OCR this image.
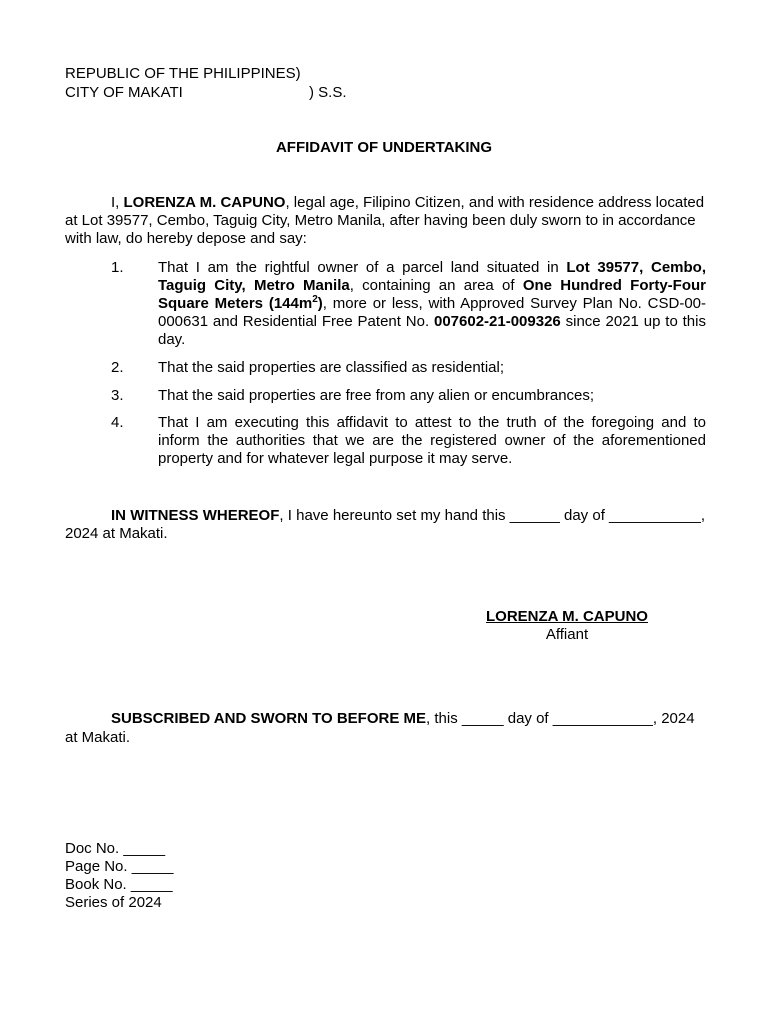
REPUBLIC OF THE PHILIPPINES)
CITY OF MAKATI	) S.S.
AFFIDAVIT OF UNDERTAKING

I, LORENZA M. CAPUNO, legal age, Filipino Citizen, and with residence address located at Lot 39577, Cembo, Taguig City, Metro Manila, after having been duly sworn to in accordance with law, do hereby depose and say:

1.	That I am the rightful owner of a parcel land situated in Lot 39577, Cembo, Taguig City, Metro Manila, containing an area of One Hundred Forty-Four Square Meters $(144m^2)$, more or less, with Approved Survey Plan No. CSD-00-000631 and Residential Free Patent No. 007602-21-009326 since 2021 up to this day.

2.	That the said properties are classified as residential;

3.	That the said properties are free from any alien or encumbrances;

4.	That I am executing this affidavit to attest to the truth of the foregoing and to inform the authorities that we are the registered owner of the aforementioned property and for whatever legal purpose it may serve.

IN WITNESS WHEREOF, I have hereunto set my hand this ______ day of ___________, 2024 at Makati.

LORENZA M. CAPUNO
Affiant

SUBSCRIBED AND SWORN TO BEFORE ME, this _____ day of ____________, 2024 at Makati.

Doc No. _____
Page No. _____
Book No. _____
Series of 2024
